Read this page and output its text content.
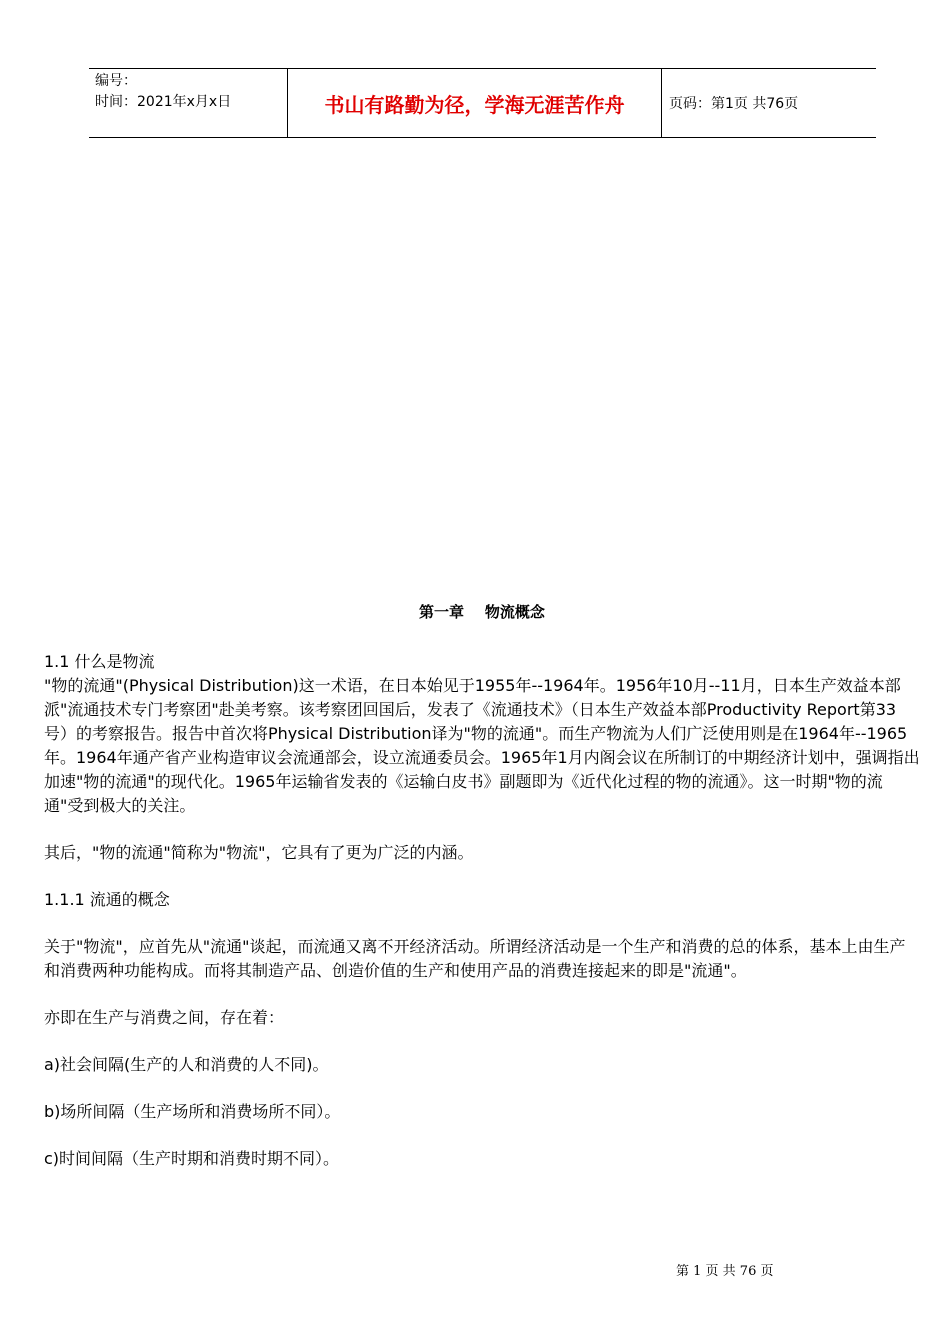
编号：
时间：2021年x月x日	书山有路勤为径，学海无涯苦作舟	页码：第1页 共76页
第一章    物流概念

1.1 什么是物流

"物的流通"(Physical Distribution)这一术语，在日本始见于1955年--1964年。1956年10月--11月，日本生产效益本部派"流通技术专门考察团"赴美考察。该考察团回国后，发表了《流通技术》（日本生产效益本部Productivity Report第33号）的考察报告。报告中首次将Physical Distribution译为"物的流通"。而生产物流为人们广泛使用则是在1964年--1965年。1964年通产省产业构造审议会流通部会，设立流通委员会。1965年1月内阁会议在所制订的中期经济计划中，强调指出加速"物的流通"的现代化。1965年运输省发表的《运输白皮书》副题即为《近代化过程的物的流通》。这一时期"物的流通"受到极大的关注。

其后，"物的流通"简称为"物流"，它具有了更为广泛的内涵。

1.1.1 流通的概念

关于"物流"，应首先从"流通"谈起，而流通又离不开经济活动。所谓经济活动是一个生产和消费的总的体系，基本上由生产和消费两种功能构成。而将其制造产品、创造价值的生产和使用产品的消费连接起来的即是"流通"。

亦即在生产与消费之间，存在着：

a)社会间隔(生产的人和消费的人不同)。

b)场所间隔（生产场所和消费场所不同）。

c)时间间隔（生产时期和消费时期不同）。

第 1 页 共 76 页
